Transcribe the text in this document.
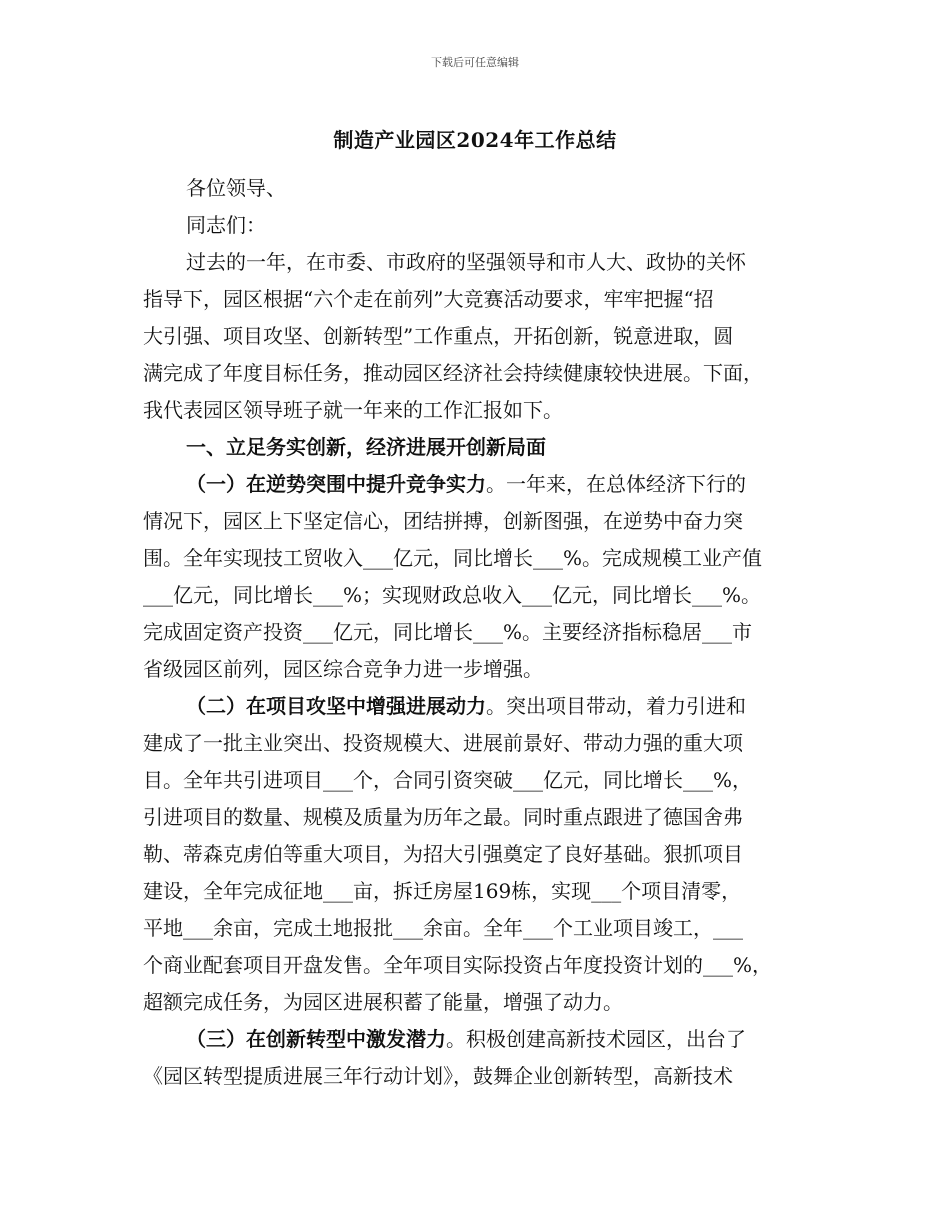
下载后可任意编辑
制造产业园区2024年工作总结
各位领导、
同志们：
过去的一年，在市委、市政府的坚强领导和市人大、政协的关怀
指导下，园区根据“六个走在前列”大竞赛活动要求，牢牢把握“招
大引强、项目攻坚、创新转型”工作重点，开拓创新，锐意进取，圆
满完成了年度目标任务，推动园区经济社会持续健康较快进展。下面，
我代表园区领导班子就一年来的工作汇报如下。
一、立足务实创新，经济进展开创新局面
（一）在逆势突围中提升竞争实力。一年来，在总体经济下行的
情况下，园区上下坚定信心，团结拼搏，创新图强，在逆势中奋力突
围。全年实现技工贸收入___亿元，同比增长___%。完成规模工业产值
___亿元，同比增长___%；实现财政总收入___亿元，同比增长___%。
完成固定资产投资___亿元，同比增长___%。主要经济指标稳居___市
省级园区前列，园区综合竞争力进一步增强。
（二）在项目攻坚中增强进展动力。突出项目带动，着力引进和
建成了一批主业突出、投资规模大、进展前景好、带动力强的重大项
目。全年共引进项目___个，合同引资突破___亿元，同比增长___%，
引进项目的数量、规模及质量为历年之最。同时重点跟进了德国舍弗
勒、蒂森克虏伯等重大项目，为招大引强奠定了良好基础。狠抓项目
建设，全年完成征地___亩，拆迁房屋169栋，实现___个项目清零，
平地___余亩，完成土地报批___余亩。全年___个工业项目竣工，___
个商业配套项目开盘发售。全年项目实际投资占年度投资计划的___%，
超额完成任务，为园区进展积蓄了能量，增强了动力。
（三）在创新转型中激发潜力。积极创建高新技术园区，出台了
《园区转型提质进展三年行动计划》，鼓舞企业创新转型，高新技术
